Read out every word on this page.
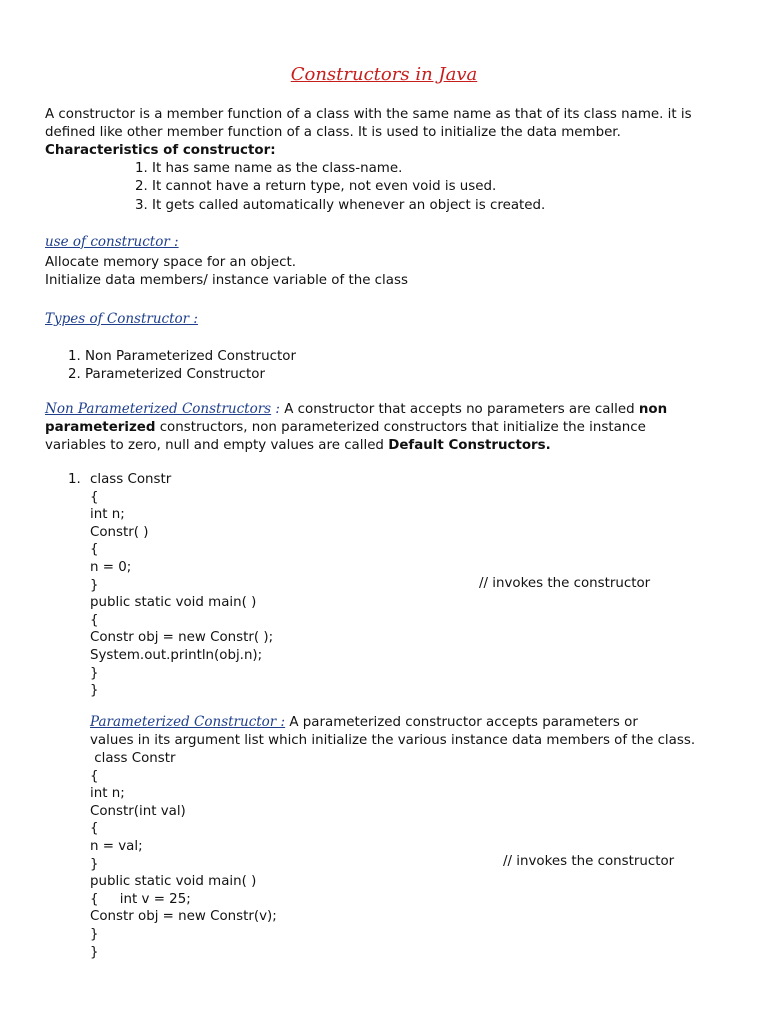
Constructors in Java
A constructor is a member function of a class with the same name as that of its class name. it is
defined like other member function of a class. It is used to initialize the data member.
Characteristics of constructor:
1. It has same name as the class-name.
2. It cannot have a return type, not even void is used.
3. It gets called automatically whenever an object is created.
use of constructor :
Allocate memory space for an object.
Initialize data members/ instance variable of the class
Types of Constructor :
1. Non Parameterized Constructor
2. Parameterized Constructor
Non Parameterized Constructors : A constructor that accepts no parameters are called non
parameterized constructors, non parameterized constructors that initialize the instance
variables to zero, null and empty values are called Default Constructors.
1. class Constr
{
int n;
Constr( )
{
n = 0;
}
public static void main( )
{
Constr obj = new Constr( );
System.out.println(obj.n);
}
}
// invokes the constructor
Parameterized Constructor : A parameterized constructor accepts parameters or
values in its argument list which initialize the various instance data members of the class.
class Constr
{
int n;
Constr(int val)
{
n = val;
}
public static void main( )
{     int v = 25;
Constr obj = new Constr(v);
}
}
// invokes the constructor
